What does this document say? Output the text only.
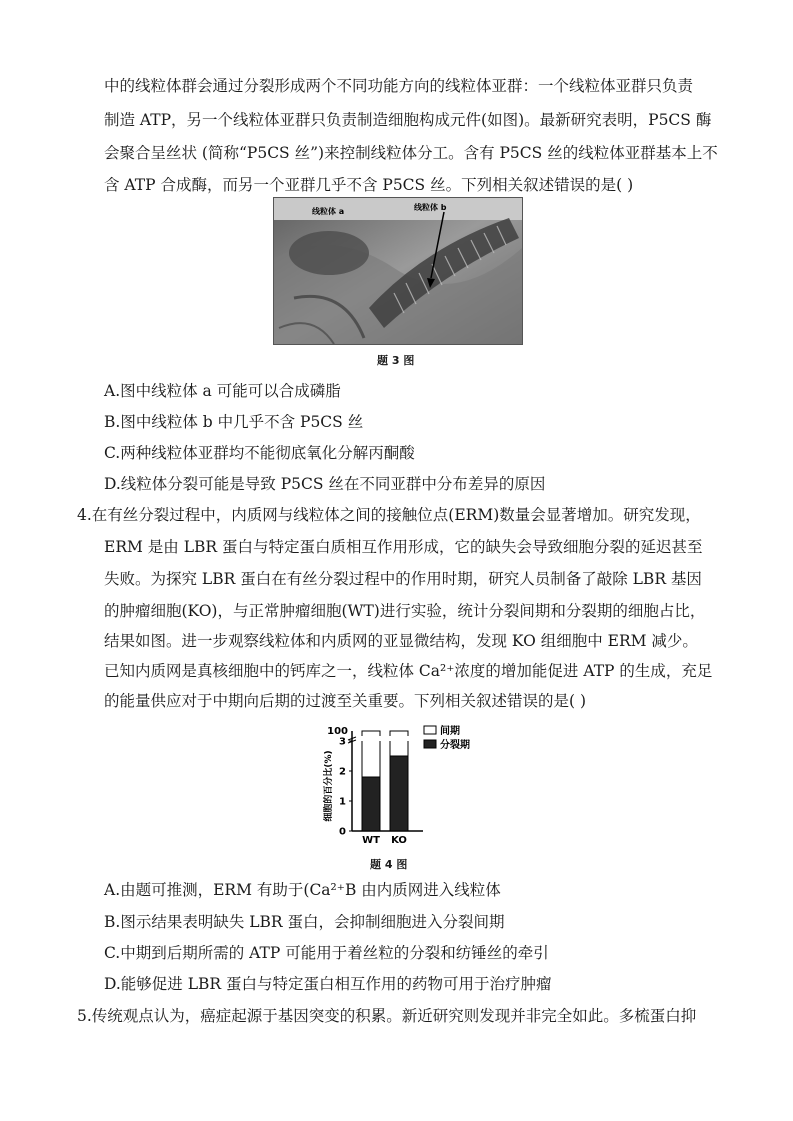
中的线粒体群会通过分裂形成两个不同功能方向的线粒体亚群：一个线粒体亚群只负责
制造 ATP，另一个线粒体亚群只负责制造细胞构成元件(如图)。最新研究表明，P5CS 酶
会聚合呈丝状 (简称“P5CS 丝”)来控制线粒体分工。含有 P5CS 丝的线粒体亚群基本上不
含 ATP 合成酶，而另一个亚群几乎不含 P5CS 丝。下列相关叙述错误的是( )
线粒体 a	线粒体 b
题 3 图
A.图中线粒体 a 可能可以合成磷脂
B.图中线粒体 b 中几乎不含 P5CS 丝
C.两种线粒体亚群均不能彻底氧化分解丙酮酸
D.线粒体分裂可能是导致 P5CS 丝在不同亚群中分布差异的原因
4.在有丝分裂过程中，内质网与线粒体之间的接触位点(ERM)数量会显著增加。研究发现，
ERM 是由 LBR 蛋白与特定蛋白质相互作用形成，它的缺失会导致细胞分裂的延迟甚至
失败。为探究 LBR 蛋白在有丝分裂过程中的作用时期，研究人员制备了敲除 LBR 基因
的肿瘤细胞(KO)，与正常肿瘤细胞(WT)进行实验，统计分裂间期和分裂期的细胞占比，
结果如图。进一步观察线粒体和内质网的亚显微结构，发现 KO 组细胞中 ERM 减少。
已知内质网是真核细胞中的钙库之一，线粒体 Ca²⁺浓度的增加能促进 ATP 的生成，充足
的能量供应对于中期向后期的过渡至关重要。下列相关叙述错误的是( )
细胞的百分比(%)
0
1
2
3
100
WT KO
间期
分裂期
题 4 图
A.由题可推测，ERM 有助于(Ca²⁺B 由内质网进入线粒体
B.图示结果表明缺失 LBR 蛋白，会抑制细胞进入分裂间期
C.中期到后期所需的 ATP 可能用于着丝粒的分裂和纺锤丝的牵引
D.能够促进 LBR 蛋白与特定蛋白相互作用的药物可用于治疗肿瘤
5.传统观点认为，癌症起源于基因突变的积累。新近研究则发现并非完全如此。多梳蛋白抑
